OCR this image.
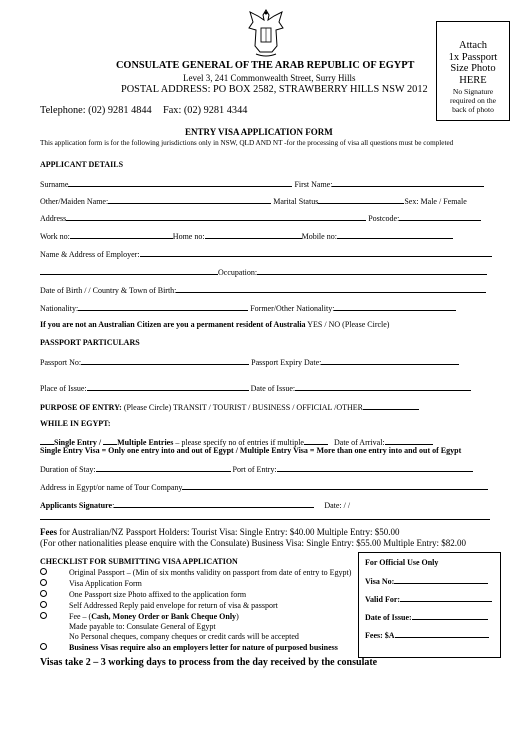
CONSULATE GENERAL OF THE ARAB REPUBLIC OF EGYPT
Level 3, 241 Commonwealth Street, Surry Hills
POSTAL ADDRESS: PO BOX 2582, STRAWBERRY HILLS NSW 2012
Telephone: (02) 9281 4844 Fax: (02) 9281 4344
Attach
1x Passport
Size Photo
HERE
No Signature
required on the
back of photo
ENTRY VISA APPLICATION FORM
This application form is for the following jurisdictions only in NSW, QLD AND NT -for the processing of visa all questions must be completed
APPLICANT DETAILS
Surname	First Name:
Other/Maiden Name:	Marital Status	Sex: Male / Female
Address	Postcode:
Work no:	Home no:	Mobile no:
Name & Address of Employer:
Occupation:
Date of Birth / / Country & Town of Birth:
Nationality:	Former/Other Nationality:
If you are not an Australian Citizen are you a permanent resident of Australia YES / NO (Please Circle)
PASSPORT PARTICULARS
Passport No:	Passport Expiry Date:
Place of Issue:	Date of Issue:
PURPOSE OF ENTRY: (Please Circle) TRANSIT / TOURIST / BUSINESS / OFFICIAL /OTHER
WHILE IN EGYPT:
Single Entry / Multiple Entries – please specify no of entries if multiple	Date of Arrival:
Single Entry Visa = Only one entry into and out of Egypt / Multiple Entry Visa = More than one entry into and out of Egypt
Duration of Stay:	Port of Entry:
Address in Egypt/or name of Tour Company
Applicants Signature:	Date: / /
Fees for Australian/NZ Passport Holders: Tourist Visa: Single Entry: $40.00 Multiple Entry: $50.00
(For other nationalities please enquire with the Consulate) Business Visa: Single Entry: $55.00 Multiple Entry: $82.00
CHECKLIST FOR SUBMITTING VISA APPLICATION
Original Passport – (Min of six months validity on passport from date of entry to Egypt)
Visa Application Form
One Passport size Photo affixed to the application form
Self Addressed Reply paid envelope for return of visa & passport
Fee – (Cash, Money Order or Bank Cheque Only)
Made payable to: Consulate General of Egypt
No Personal cheques, company cheques or credit cards will be accepted
Business Visas require also an employers letter for nature of purposed business
For Official Use Only
Visa No:
Valid For:
Date of Issue:
Fees: $A
Visas take 2 – 3 working days to process from the day received by the consulate
